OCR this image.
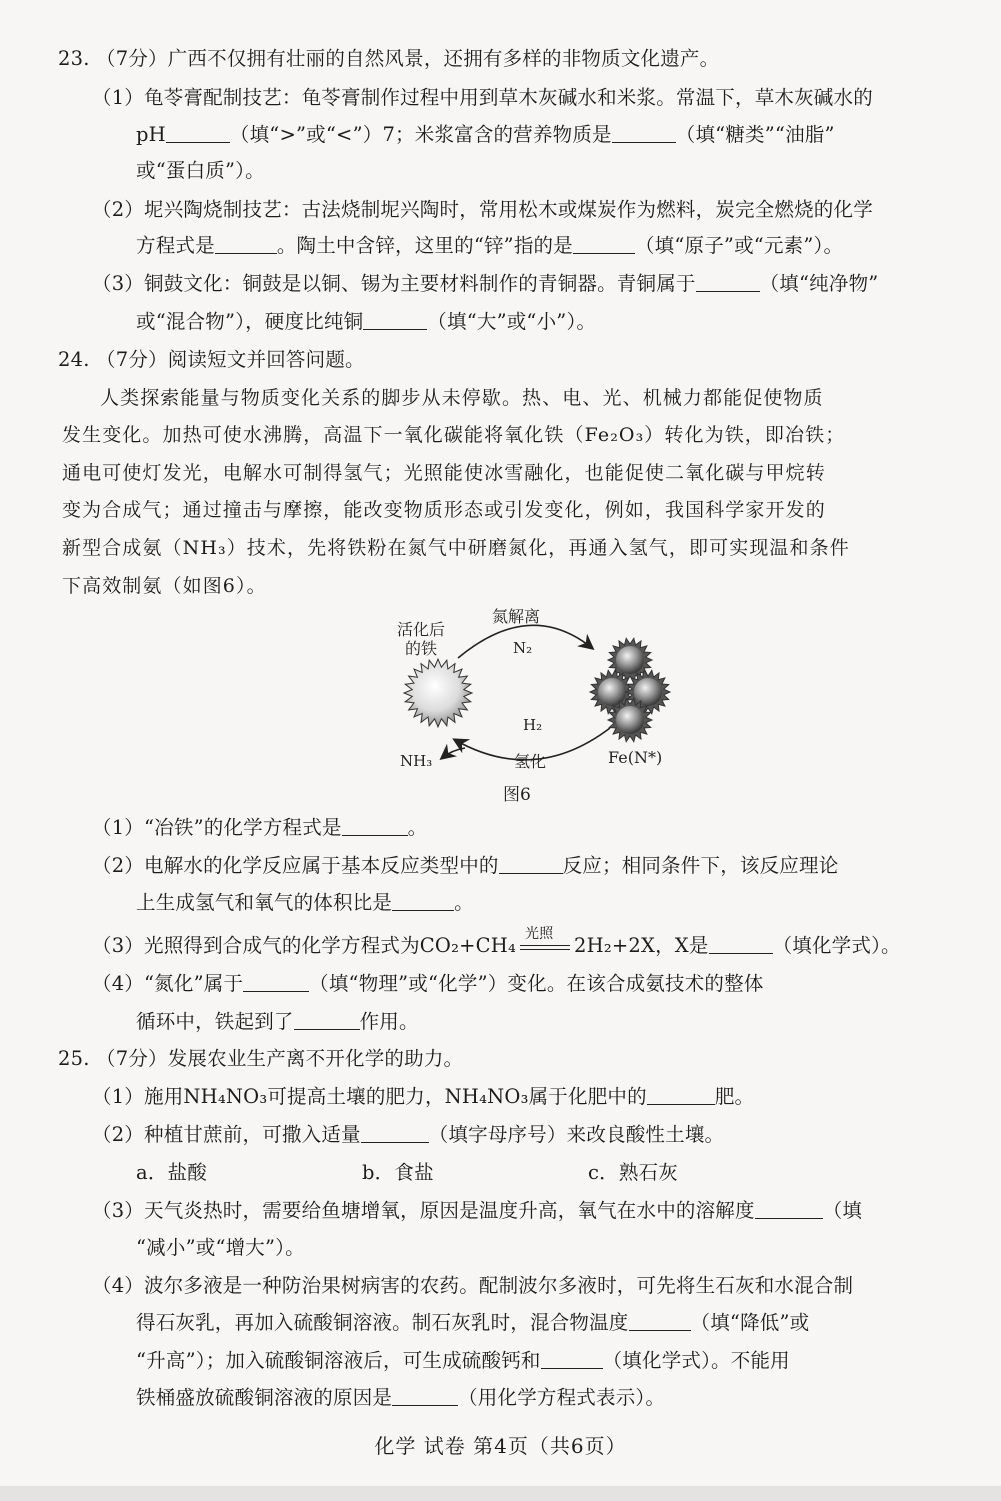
23. （7分）广西不仅拥有壮丽的自然风景，还拥有多样的非物质文化遗产。
（1）龟苓膏配制技艺：龟苓膏制作过程中用到草木灰碱水和米浆。常温下，草木灰碱水的
pH	（填“>”或“<”）7；米浆富含的营养物质是	（填“糖类”“油脂”
或“蛋白质”）。
（2）坭兴陶烧制技艺：古法烧制坭兴陶时，常用松木或煤炭作为燃料，炭完全燃烧的化学
方程式是	。陶土中含锌，这里的“锌”指的是	（填“原子”或“元素”）。
（3）铜鼓文化：铜鼓是以铜、锡为主要材料制作的青铜器。青铜属于	（填“纯净物”
或“混合物”），硬度比纯铜	（填“大”或“小”）。
24. （7分）阅读短文并回答问题。
人类探索能量与物质变化关系的脚步从未停歇。热、电、光、机械力都能促使物质
发生变化。加热可使水沸腾，高温下一氧化碳能将氧化铁（Fe₂O₃）转化为铁，即冶铁；
通电可使灯发光，电解水可制得氢气；光照能使冰雪融化，也能促使二氧化碳与甲烷转
变为合成气；通过撞击与摩擦，能改变物质形态或引发变化，例如，我国科学家开发的
新型合成氨（NH₃）技术，先将铁粉在氮气中研磨氮化，再通入氢气，即可实现温和条件
下高效制氨（如图6）。
活化后
的铁
氮解离
N₂
H₂
NH₃	氢化	Fe(N*)
图6
（1）“冶铁”的化学方程式是	。
（2）电解水的化学反应属于基本反应类型中的	反应；相同条件下，该反应理论
上生成氢气和氧气的体积比是	。
（3）光照得到合成气的化学方程式为CO₂+CH₄
光照
2H₂+2X，X是	（填化学式）。
（4）“氮化”属于	（填“物理”或“化学”）变化。在该合成氨技术的整体
循环中，铁起到了	作用。
25. （7分）发展农业生产离不开化学的助力。
（1）施用NH₄NO₃可提高土壤的肥力，NH₄NO₃属于化肥中的	肥。
（2）种植甘蔗前，可撒入适量	（填字母序号）来改良酸性土壤。
a．盐酸	b．食盐	c．熟石灰
（3）天气炎热时，需要给鱼塘增氧，原因是温度升高，氧气在水中的溶解度	（填
“减小”或“增大”）。
（4）波尔多液是一种防治果树病害的农药。配制波尔多液时，可先将生石灰和水混合制
得石灰乳，再加入硫酸铜溶液。制石灰乳时，混合物温度	（填“降低”或
“升高”）；加入硫酸铜溶液后，可生成硫酸钙和	（填化学式）。不能用
铁桶盛放硫酸铜溶液的原因是	（用化学方程式表示）。
化学 试卷 第4页（共6页）
